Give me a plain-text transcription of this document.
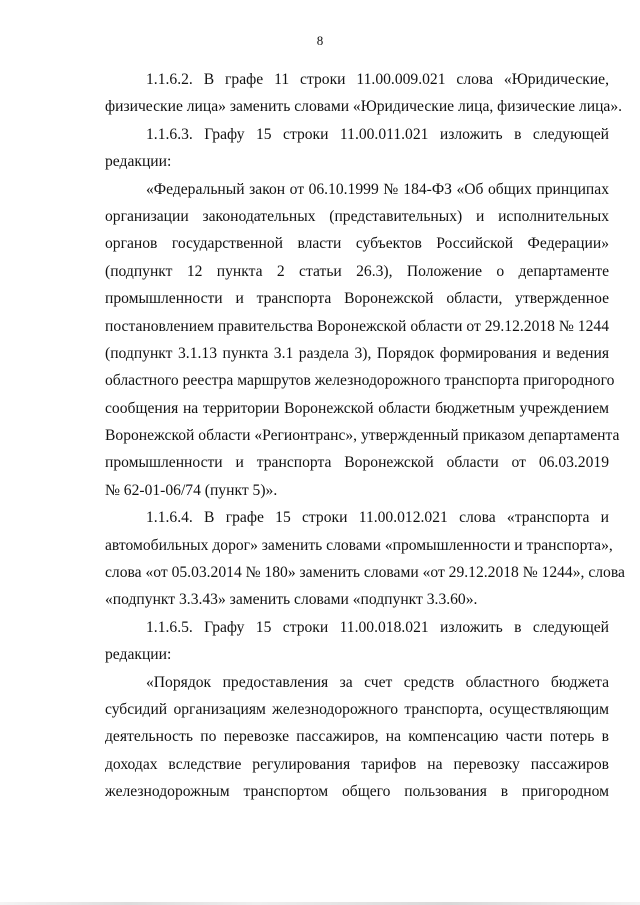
8
1.1.6.2. В графе 11 строки 11.00.009.021 слова «Юридические,
физические лица» заменить словами «Юридические лица, физические лица».
1.1.6.3. Графу 15 строки 11.00.011.021 изложить в следующей
редакции:
«Федеральный закон от 06.10.1999 № 184-ФЗ «Об общих принципах
организации законодательных (представительных) и исполнительных
органов государственной власти субъектов Российской Федерации»
(подпункт 12 пункта 2 статьи 26.3), Положение о департаменте
промышленности и транспорта Воронежской области, утвержденное
постановлением правительства Воронежской области от 29.12.2018 № 1244
(подпункт 3.1.13 пункта 3.1 раздела 3), Порядок формирования и ведения
областного реестра маршрутов железнодорожного транспорта пригородного
сообщения на территории Воронежской области бюджетным учреждением
Воронежской области «Регионтранс», утвержденный приказом департамента
промышленности и транспорта Воронежской области от 06.03.2019
№ 62-01-06/74 (пункт 5)».
1.1.6.4. В графе 15 строки 11.00.012.021 слова «транспорта и
автомобильных дорог» заменить словами «промышленности и транспорта»,
слова «от 05.03.2014 № 180» заменить словами «от 29.12.2018 № 1244», слова
«подпункт 3.3.43» заменить словами «подпункт 3.3.60».
1.1.6.5. Графу 15 строки 11.00.018.021 изложить в следующей
редакции:
«Порядок предоставления за счет средств областного бюджета
субсидий организациям железнодорожного транспорта, осуществляющим
деятельность по перевозке пассажиров, на компенсацию части потерь в
доходах вследствие регулирования тарифов на перевозку пассажиров
железнодорожным транспортом общего пользования в пригородном
